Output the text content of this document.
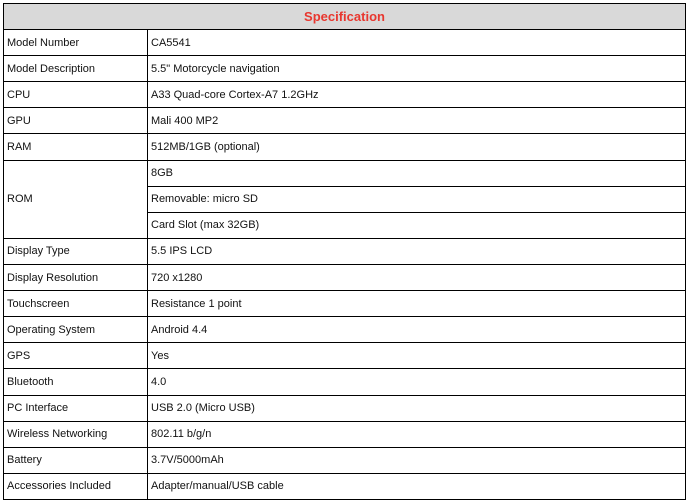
Specification	
Model Number	CA5541
Model Description	5.5" Motorcycle navigation
CPU	A33 Quad-core Cortex-A7 1.2GHz
GPU	Mali 400 MP2
RAM	512MB/1GB (optional)
ROM	8GB
	Removable: micro SD
	Card Slot (max 32GB)
Display Type	5.5 IPS LCD
Display Resolution	720 x1280
Touchscreen	Resistance 1 point
Operating System	Android 4.4
GPS	Yes
Bluetooth	4.0
PC Interface	USB 2.0 (Micro USB)
Wireless Networking	802.11 b/g/n
Battery	3.7V/5000mAh
Accessories Included	Adapter/manual/USB cable
